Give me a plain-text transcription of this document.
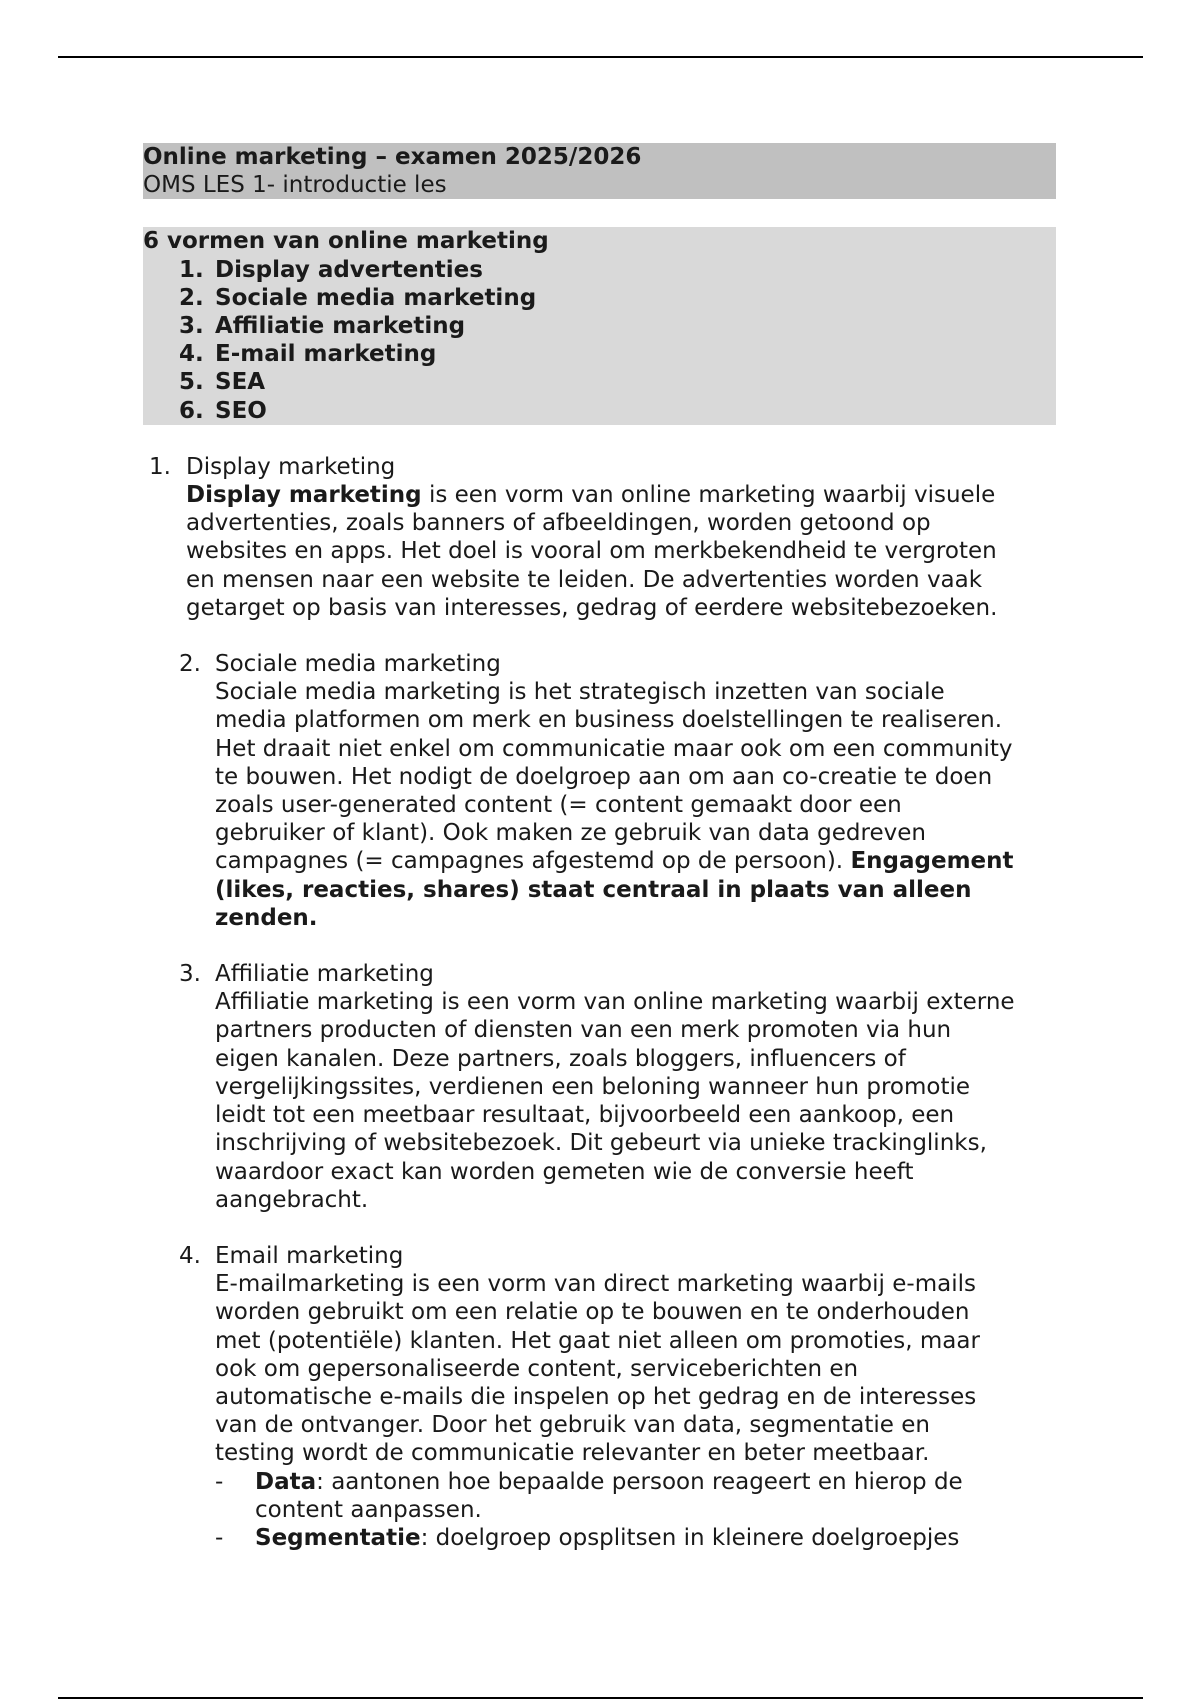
Online marketing – examen 2025/2026
OMS LES 1- introductie les
6 vormen van online marketing
1. Display advertenties
2. Sociale media marketing
3. Affiliatie marketing
4. E-mail marketing
5. SEA
6. SEO
1. Display marketing
Display marketing is een vorm van online marketing waarbij visuele
advertenties, zoals banners of afbeeldingen, worden getoond op
websites en apps. Het doel is vooral om merkbekendheid te vergroten
en mensen naar een website te leiden. De advertenties worden vaak
getarget op basis van interesses, gedrag of eerdere websitebezoeken.
2. Sociale media marketing
Sociale media marketing is het strategisch inzetten van sociale
media platformen om merk en business doelstellingen te realiseren.
Het draait niet enkel om communicatie maar ook om een community
te bouwen. Het nodigt de doelgroep aan om aan co-creatie te doen
zoals user-generated content (= content gemaakt door een
gebruiker of klant). Ook maken ze gebruik van data gedreven
campagnes (= campagnes afgestemd op de persoon). Engagement
(likes, reacties, shares) staat centraal in plaats van alleen
zenden.
3. Affiliatie marketing
Affiliatie marketing is een vorm van online marketing waarbij externe
partners producten of diensten van een merk promoten via hun
eigen kanalen. Deze partners, zoals bloggers, influencers of
vergelijkingssites, verdienen een beloning wanneer hun promotie
leidt tot een meetbaar resultaat, bijvoorbeeld een aankoop, een
inschrijving of websitebezoek. Dit gebeurt via unieke trackinglinks,
waardoor exact kan worden gemeten wie de conversie heeft
aangebracht.
4. Email marketing
E-mailmarketing is een vorm van direct marketing waarbij e-mails
worden gebruikt om een relatie op te bouwen en te onderhouden
met (potentiële) klanten. Het gaat niet alleen om promoties, maar
ook om gepersonaliseerde content, serviceberichten en
automatische e-mails die inspelen op het gedrag en de interesses
van de ontvanger. Door het gebruik van data, segmentatie en
testing wordt de communicatie relevanter en beter meetbaar.
- Data: aantonen hoe bepaalde persoon reageert en hierop de
content aanpassen.
- Segmentatie: doelgroep opsplitsen in kleinere doelgroepjes
